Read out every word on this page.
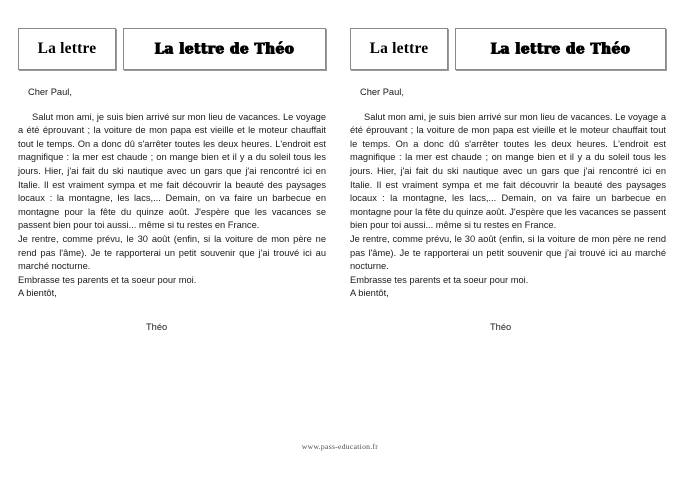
La lettre	La lettre de Théo

Cher Paul,

Salut mon ami, je suis bien arrivé sur mon lieu de vacances. Le voyage a été éprouvant ; la voiture de mon papa est vieille et le moteur chauffait tout le temps. On a donc dû s'arrêter toutes les deux heures. L'endroit est magnifique : la mer est chaude ; on mange bien et il y a du soleil tous les jours. Hier, j'ai fait du ski nautique avec un gars que j'ai rencontré ici en Italie. Il est vraiment sympa et me fait découvrir la beauté des paysages locaux : la montagne, les lacs,... Demain, on va faire un barbecue en montagne pour la fête du quinze août. J'espère que les vacances se passent bien pour toi aussi... même si tu restes en France.

Je rentre, comme prévu, le 30 août (enfin, si la voiture de mon père ne rend pas l'âme). Je te rapporterai un petit souvenir que j'ai trouvé ici au marché nocturne.

Embrasse tes parents et ta soeur pour moi.

A bientôt,

Théo

La lettre	La lettre de Théo

Cher Paul,

Salut mon ami, je suis bien arrivé sur mon lieu de vacances. Le voyage a été éprouvant ; la voiture de mon papa est vieille et le moteur chauffait tout le temps. On a donc dû s'arrêter toutes les deux heures. L'endroit est magnifique : la mer est chaude ; on mange bien et il y a du soleil tous les jours. Hier, j'ai fait du ski nautique avec un gars que j'ai rencontré ici en Italie. Il est vraiment sympa et me fait découvrir la beauté des paysages locaux : la montagne, les lacs,... Demain, on va faire un barbecue en montagne pour la fête du quinze août. J'espère que les vacances se passent bien pour toi aussi... même si tu restes en France.

Je rentre, comme prévu, le 30 août (enfin, si la voiture de mon père ne rend pas l'âme). Je te rapporterai un petit souvenir que j'ai trouvé ici au marché nocturne.

Embrasse tes parents et ta soeur pour moi.

A bientôt,

Théo

www.pass-education.fr
